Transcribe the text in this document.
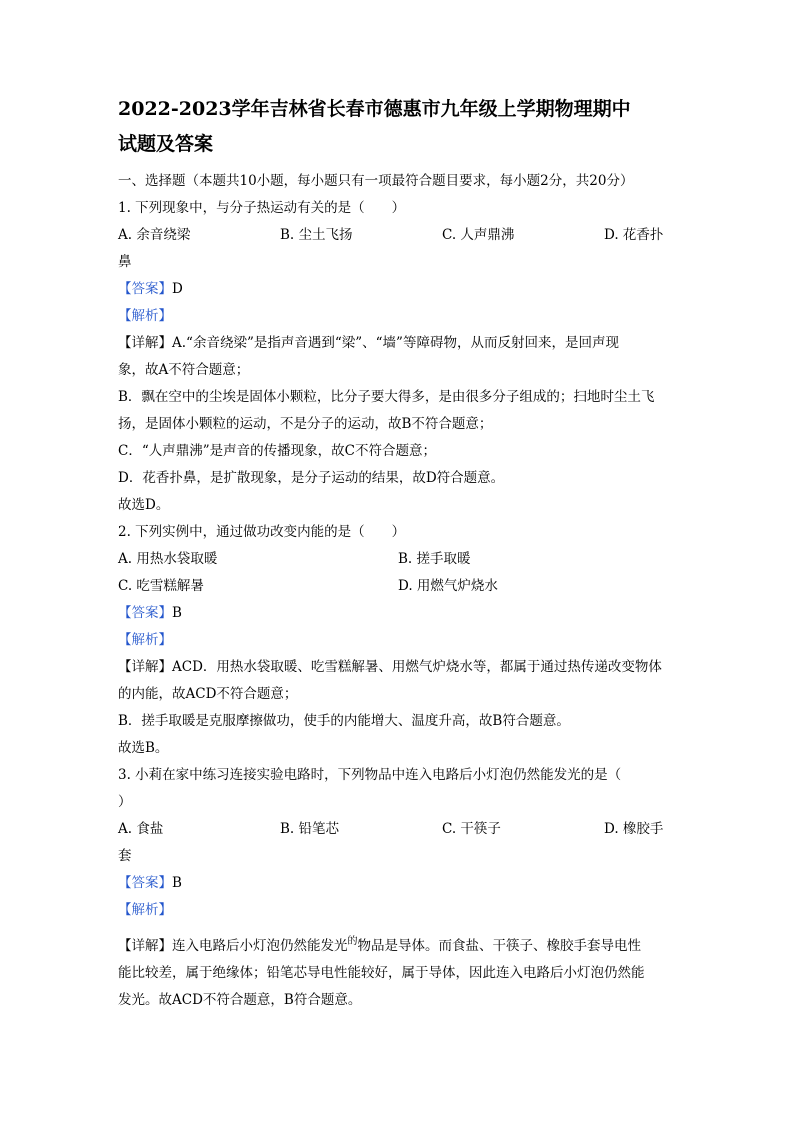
2022-2023学年吉林省长春市德惠市九年级上学期物理期中
试题及答案
一、选择题（本题共10小题，每小题只有一项最符合题目要求，每小题2分，共20分）
1. 下列现象中，与分子热运动有关的是（　　）
A. 余音绕梁	B. 尘土飞扬	C. 人声鼎沸	D. 花香扑
鼻
【答案】D
【解析】
【详解】A.“余音绕梁”是指声音遇到“梁”、“墙”等障碍物，从而反射回来，是回声现
象，故A不符合题意；
B．飘在空中的尘埃是固体小颗粒，比分子要大得多，是由很多分子组成的；扫地时尘土飞
扬，是固体小颗粒的运动，不是分子的运动，故B不符合题意；
C．“人声鼎沸”是声音的传播现象，故C不符合题意；
D．花香扑鼻，是扩散现象，是分子运动的结果，故D符合题意。
故选D。
2. 下列实例中，通过做功改变内能的是（　　）
A. 用热水袋取暖	B. 搓手取暖
C. 吃雪糕解暑	D. 用燃气炉烧水
【答案】B
【解析】
【详解】ACD．用热水袋取暖、吃雪糕解暑、用燃气炉烧水等，都属于通过热传递改变物体
的内能，故ACD不符合题意；
B．搓手取暖是克服摩擦做功，使手的内能增大、温度升高，故B符合题意。
故选B。
3. 小莉在家中练习连接实验电路时，下列物品中连入电路后小灯泡仍然能发光的是（
）
A. 食盐	B. 铅笔芯	C. 干筷子	D. 橡胶手
套
【答案】B
【解析】
【详解】连入电路后小灯泡仍然能发光$^的$物品是导体。而食盐、干筷子、橡胶手套导电性
能比较差，属于绝缘体；铅笔芯导电性能较好，属于导体，因此连入电路后小灯泡仍然能
发光。故ACD不符合题意，B符合题意。
